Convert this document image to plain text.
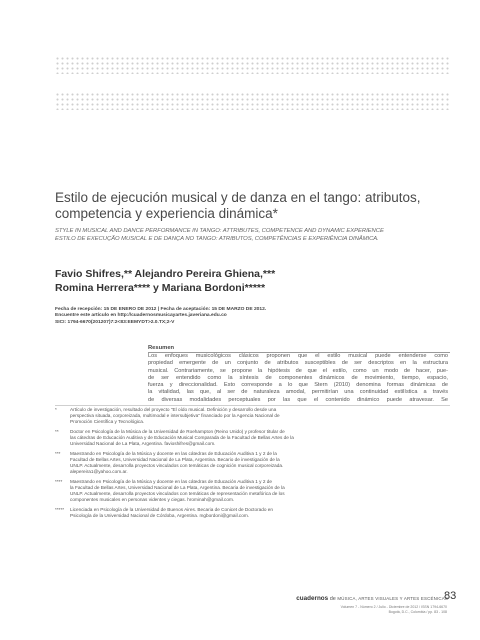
Estilo de ejecución musical y de danza en el tango: atributos,
competencia y experiencia dinámica*
STYLE IN MUSICAL AND DANCE PERFORMANCE IN TANGO: ATTRIBUTES, COMPETENCE AND DYNAMIC EXPERIENCE
ESTILO DE EXECUÇÃO MUSICAL E DE DANÇA NO TANGO: ATRIBUTOS, COMPETÊNCIAS E EXPERIÊNCIA DINÂMICA.
Favio Shifres,** Alejandro Pereira Ghiena,***
Romina Herrera**** y Mariana Bordoni*****
Fecha de recepción: 15 DE ENERO DE 2012 | Fecha de aceptación: 15 DE MARZO DE 2012.
Encuentre este artículo en http://cuadernosmusicayartes.javeriana.edu.co
SICI: 1794-6670(201207)7:2<83:EEMYDT>2.0.TX;2-V
Resumen
Los enfoques musicológicos clásicos proponen que el estilo musical puede entenderse como
propiedad emergente de un conjunto de atributos susceptibles de ser descriptos en la estructura
musical. Contrariamente, se propone la hipótesis de que el estilo, como un modo de hacer, pue-
de ser entendido como la síntesis de componentes dinámicos de movimiento, tiempo, espacio,
fuerza y direccionalidad. Esto corresponde a lo que Stern (2010) denomina formas dinámicas de
la vitalidad, las que, al ser de naturaleza amodal, permitirían una continuidad estilística a través
de diversas modalidades perceptuales por las que el contenido dinámico puede atravesar. Se
*	Artículo de investigación, resultado del proyecto "El oído musical. Definición y desarrollo desde una
perspectiva situada, corporeizada, multimodal e intersubjetiva" financiado por la Agencia Nacional de
Promoción Científica y Tecnológica.
**	Doctor en Psicología de la Música de la Universidad de Roehampton (Reino Unido) y profesor titular de
las cátedras de Educación Auditiva y de Educación Musical Comparada de la Facultad de Bellas Artes de la
Universidad Nacional de La Plata, Argentina. favioshifres@gmail.com.
***	Maestrando en Psicología de la Música y docente en las cátedras de Educación Auditiva 1 y 2 de la
Facultad de Bellas Artes, Universidad Nacional de La Plata, Argentina. Becario de investigación de la
UNLP. Actualmente, desarrolla proyectos vinculados con temáticas de cognición musical corporeizada.
alepereira1@yahoo.com.ar.
****	Maestrando en Psicología de la Música y docente en las cátedras de Educación Auditiva 1 y 2 de
la Facultad de Bellas Artes, Universidad Nacional de La Plata, Argentina. Becaria de investigación de la
UNLP. Actualmente, desarrolla proyectos vinculados con temáticas de representación metafórica de los
componentes musicales en personas videntes y ciegas. hrominah@gmail.com.
*****	Licenciada en Psicología de la Universidad de Buenos Aires. Becaria de Conicet de Doctorado en
Psicología de la Universidad Nacional de Córdoba, Argentina. mgbordoni@gmail.com.
cuadernos de MÚSICA, ARTES VISUALES Y ARTES ESCÉNICAS
83
Volumen 7 - Número 2 / Julio - Diciembre de 2012 / ISSN 1794-6670
Bogotá, D.C., Colombia / pp. 83 - 108
